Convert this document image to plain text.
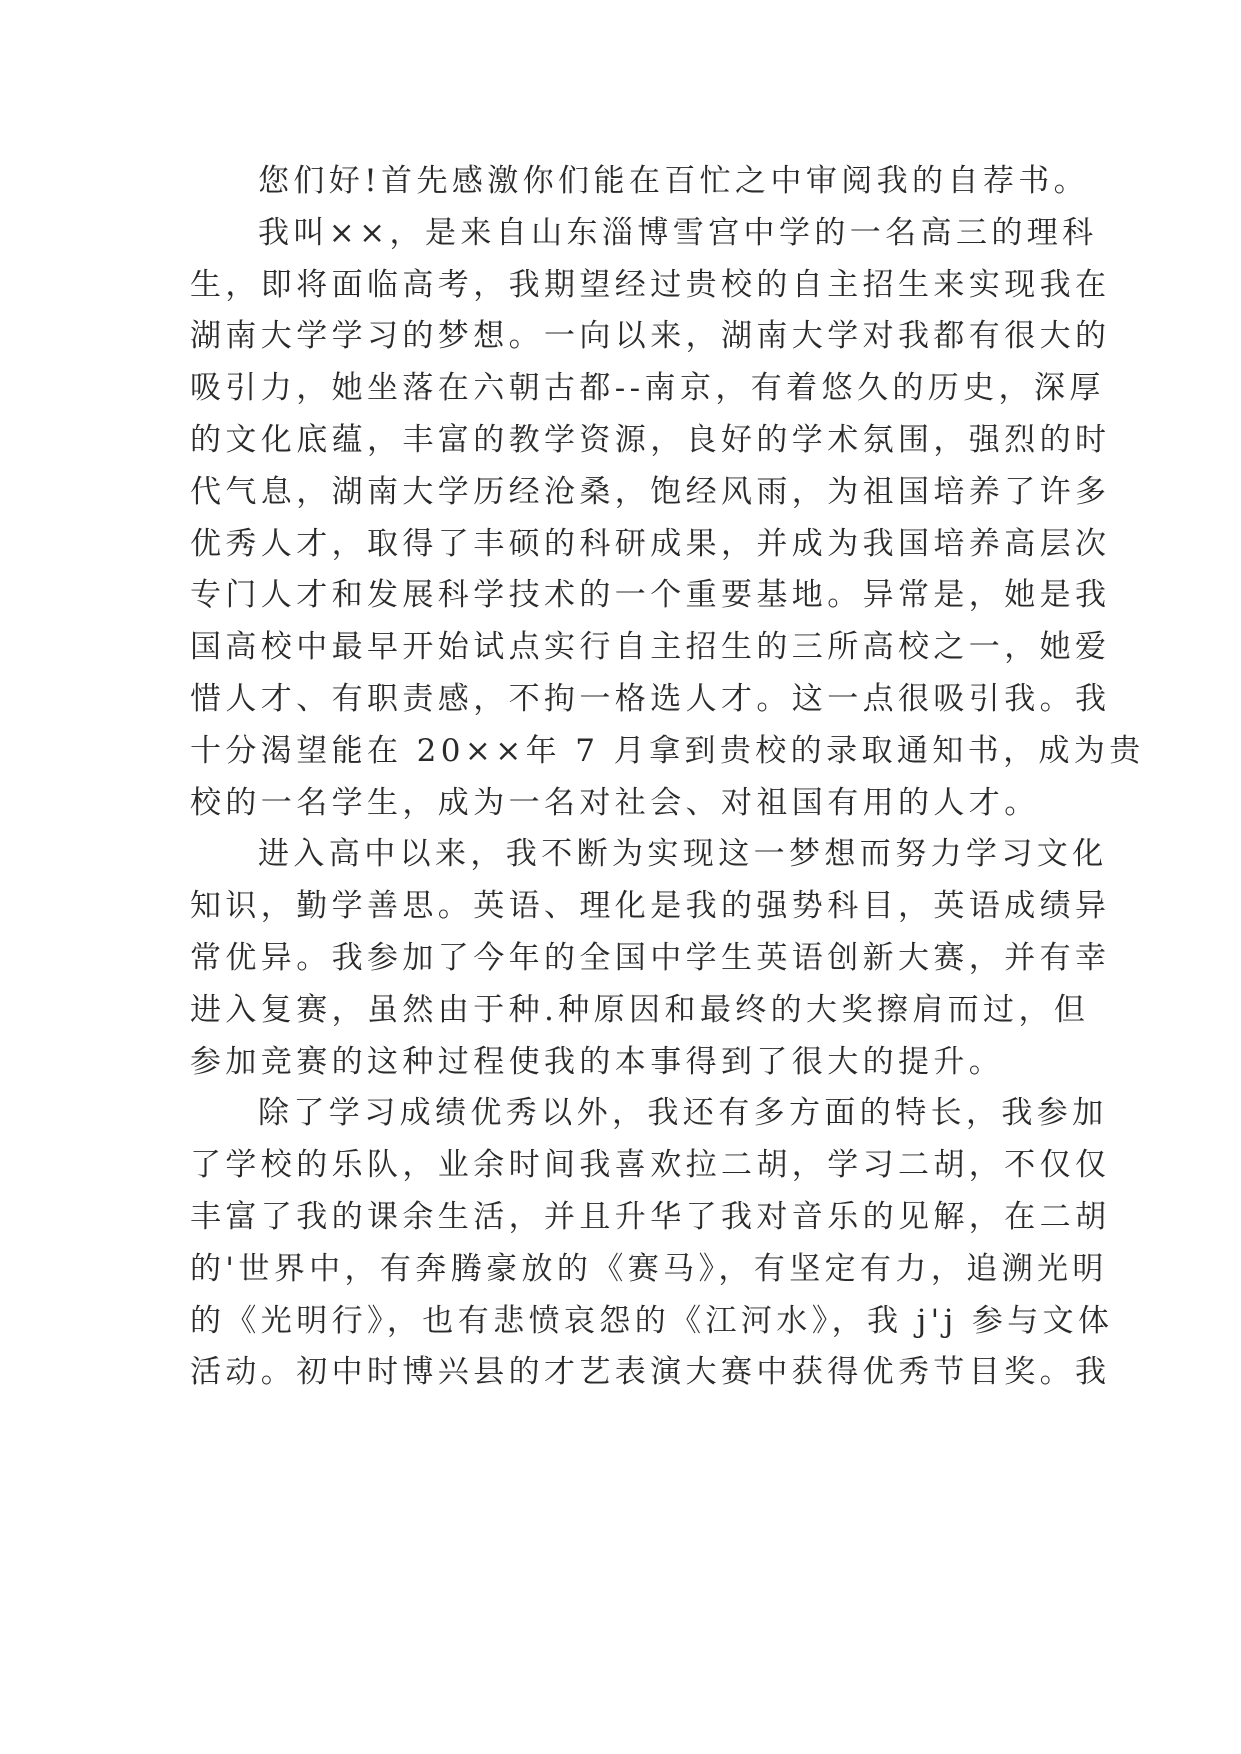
您们好!首先感激你们能在百忙之中审阅我的自荐书。
我叫××，是来自山东淄博雪宫中学的一名高三的理科
生，即将面临高考，我期望经过贵校的自主招生来实现我在
湖南大学学习的梦想。一向以来，湖南大学对我都有很大的
吸引力，她坐落在六朝古都--南京，有着悠久的历史，深厚
的文化底蕴，丰富的教学资源，良好的学术氛围，强烈的时
代气息，湖南大学历经沧桑，饱经风雨，为祖国培养了许多
优秀人才，取得了丰硕的科研成果，并成为我国培养高层次
专门人才和发展科学技术的一个重要基地。异常是，她是我
国高校中最早开始试点实行自主招生的三所高校之一，她爱
惜人才、有职责感，不拘一格选人才。这一点很吸引我。我
十分渴望能在 20××年 7 月拿到贵校的录取通知书，成为贵
校的一名学生，成为一名对社会、对祖国有用的人才。
进入高中以来，我不断为实现这一梦想而努力学习文化
知识，勤学善思。英语、理化是我的强势科目，英语成绩异
常优异。我参加了今年的全国中学生英语创新大赛，并有幸
进入复赛，虽然由于种.种原因和最终的大奖擦肩而过，但
参加竞赛的这种过程使我的本事得到了很大的提升。
除了学习成绩优秀以外，我还有多方面的特长，我参加
了学校的乐队，业余时间我喜欢拉二胡，学习二胡，不仅仅
丰富了我的课余生活，并且升华了我对音乐的见解，在二胡
的'世界中，有奔腾豪放的《赛马》，有坚定有力，追溯光明
的《光明行》，也有悲愤哀怨的《江河水》，我 j'j 参与文体
活动。初中时博兴县的才艺表演大赛中获得优秀节目奖。我
